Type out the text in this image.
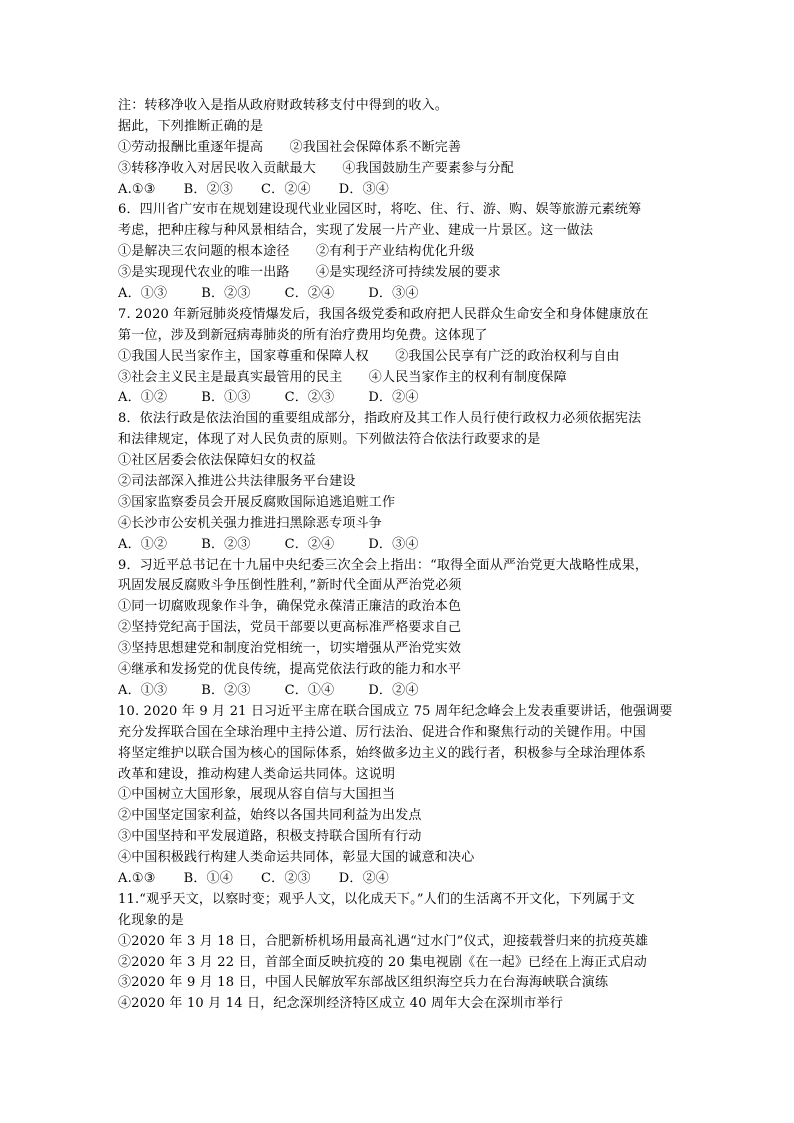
注：转移净收入是指从政府财政转移支付中得到的收入。
据此，下列推断正确的是
①劳动报酬比重逐年提高　　②我国社会保障体系不断完善
③转移净收入对居民收入贡献最大　　④我国鼓励生产要素参与分配
A.①③ B．②③ C．②④ D．③④
6．四川省广安市在规划建设现代业业园区时，将吃、住、行、游、购、娱等旅游元素统筹
考虑，把种庄稼与种风景相结合，实现了发展一片产业、建成一片景区。这一做法
①是解决三农问题的根本途径　　②有利于产业结构优化升级
③是实现现代农业的唯一出路　　④是实现经济可持续发展的要求
A．①③	B．②③	C．②④	D．③④
7. 2020 年新冠肺炎疫情爆发后，我国各级党委和政府把人民群众生命安全和身体健康放在
第一位，涉及到新冠病毒肺炎的所有治疗费用均免费。这体现了
①我国人民当家作主，国家尊重和保障人权　　②我国公民享有广泛的政治权利与自由
③社会主义民主是最真实最管用的民主　　④人民当家作主的权利有制度保障
A．①②	B．①③	C．②③	D．②④
8．依法行政是依法治国的重要组成部分，指政府及其工作人员行使行政权力必须依据宪法
和法律规定，体现了对人民负责的原则。下列做法符合依法行政要求的是
①社区居委会依法保障妇女的权益
②司法部深入推进公共法律服务平台建设
③国家监察委员会开展反腐败国际追逃追赃工作
④长沙市公安机关强力推进扫黑除恶专项斗争
A．①②	B．②③	C．②④	D．③④
9．习近平总书记在十九届中央纪委三次全会上指出：“取得全面从严治党更大战略性成果，
巩固发展反腐败斗争压倒性胜利，”新时代全面从严治党必须
①同一切腐败现象作斗争，确保党永葆清正廉洁的政治本色
②坚持党纪高于国法，党员干部要以更高标准严格要求自己
③坚持思想建党和制度治党相统一，切实增强从严治党实效
④继承和发扬党的优良传统，提高党依法行政的能力和水平
A．①③	B．②③	C．①④	D．②④
10. 2020 年 9 月 21 日习近平主席在联合国成立 75 周年纪念峰会上发表重要讲话，他强调要
充分发挥联合国在全球治理中主持公道、厉行法治、促进合作和聚焦行动的关键作用。中国
将坚定维护以联合国为核心的国际体系，始终做多边主义的践行者，积极参与全球治理体系
改革和建设，推动构建人类命运共同体。这说明
①中国树立大国形象，展现从容自信与大国担当
②中国坚定国家利益，始终以各国共同利益为出发点
③中国坚持和平发展道路，积极支持联合国所有行动
④中国积极践行构建人类命运共同体，彰显大国的诚意和决心
A.①③ B．①④ C．②③ D．②④
11.“观乎天文，以察时变；观乎人文，以化成天下。”人们的生活离不开文化，下列属于文
化现象的是
①2020 年 3 月 18 日，合肥新桥机场用最高礼遇“过水门”仪式，迎接载誉归来的抗疫英雄
②2020 年 3 月 22 日，首部全面反映抗疫的 20 集电视剧《在一起》已经在上海正式启动
③2020 年 9 月 18 日，中国人民解放军东部战区组织海空兵力在台海海峡联合演练
④2020 年 10 月 14 日，纪念深圳经济特区成立 40 周年大会在深圳市举行
